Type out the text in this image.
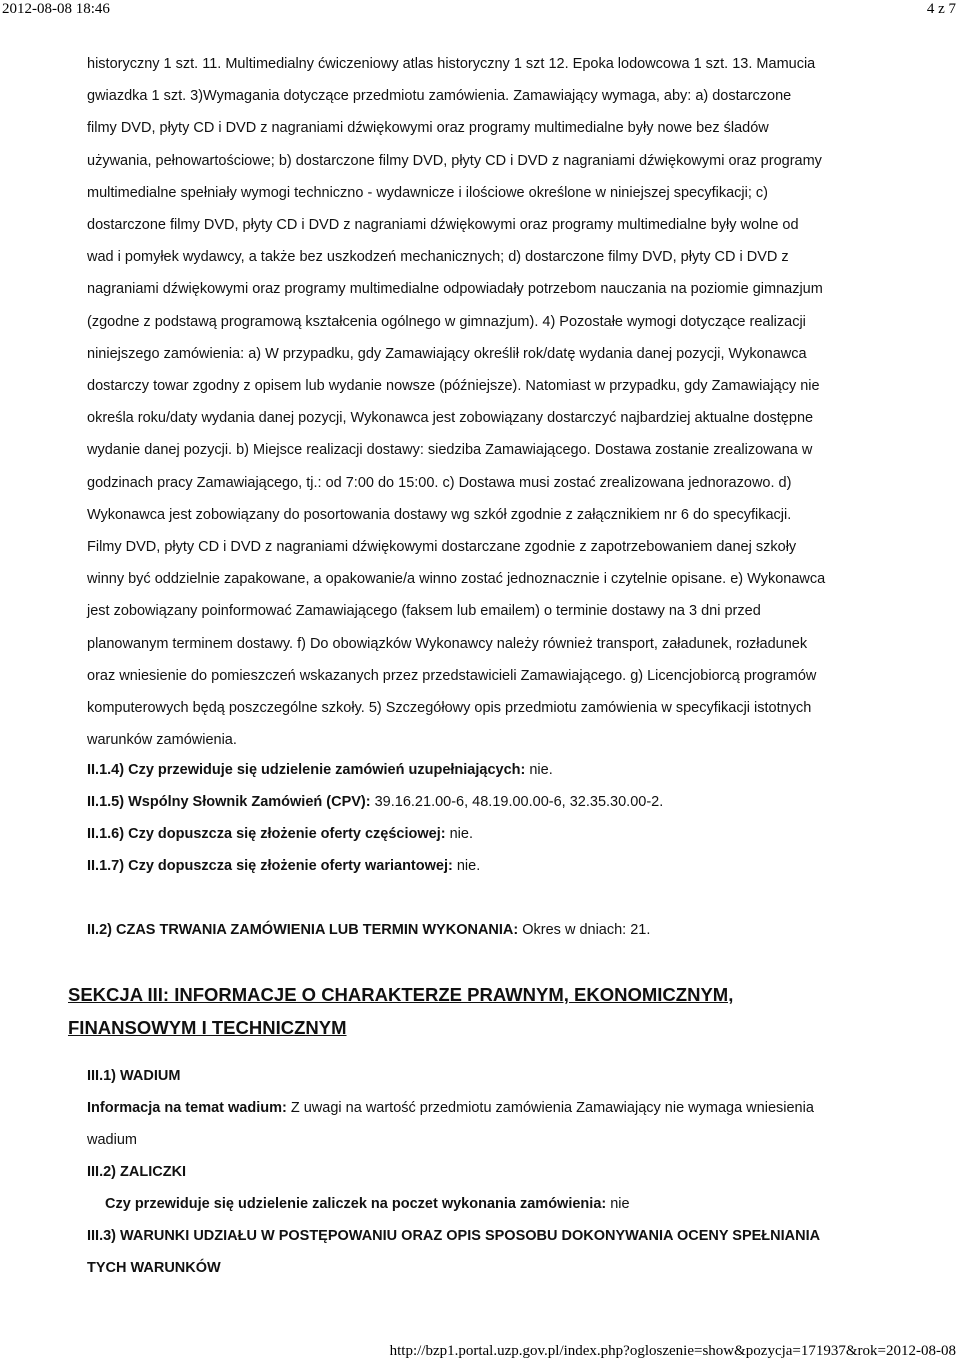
2012-08-08 18:46	4 z 7

historyczny 1 szt. 11. Multimedialny ćwiczeniowy atlas historyczny 1 szt 12. Epoka lodowcowa 1 szt. 13. Mamucia

gwiazdka 1 szt. 3)Wymagania dotyczące przedmiotu zamówienia. Zamawiający wymaga, aby: a) dostarczone

filmy DVD, płyty CD i DVD z nagraniami dźwiękowymi oraz programy multimedialne były nowe bez śladów

używania, pełnowartościowe; b) dostarczone filmy DVD, płyty CD i DVD z nagraniami dźwiękowymi oraz programy

multimedialne spełniały wymogi techniczno - wydawnicze i ilościowe określone w niniejszej specyfikacji; c)

dostarczone filmy DVD, płyty CD i DVD z nagraniami dźwiękowymi oraz programy multimedialne były wolne od

wad i pomyłek wydawcy, a także bez uszkodzeń mechanicznych; d) dostarczone filmy DVD, płyty CD i DVD z

nagraniami dźwiękowymi oraz programy multimedialne odpowiadały potrzebom nauczania na poziomie gimnazjum

(zgodne z podstawą programową kształcenia ogólnego w gimnazjum). 4) Pozostałe wymogi dotyczące realizacji

niniejszego zamówienia: a) W przypadku, gdy Zamawiający określił rok/datę wydania danej pozycji, Wykonawca

dostarczy towar zgodny z opisem lub wydanie nowsze (późniejsze). Natomiast w przypadku, gdy Zamawiający nie

określa roku/daty wydania danej pozycji, Wykonawca jest zobowiązany dostarczyć najbardziej aktualne dostępne

wydanie danej pozycji. b) Miejsce realizacji dostawy: siedziba Zamawiającego. Dostawa zostanie zrealizowana w

godzinach pracy Zamawiającego, tj.: od 7:00 do 15:00. c) Dostawa musi zostać zrealizowana jednorazowo. d)

Wykonawca jest zobowiązany do posortowania dostawy wg szkół zgodnie z załącznikiem nr 6 do specyfikacji.

Filmy DVD, płyty CD i DVD z nagraniami dźwiękowymi dostarczane zgodnie z zapotrzebowaniem danej szkoły

winny być oddzielnie zapakowane, a opakowanie/a winno zostać jednoznacznie i czytelnie opisane. e) Wykonawca

jest zobowiązany poinformować Zamawiającego (faksem lub emailem) o terminie dostawy na 3 dni przed

planowanym terminem dostawy. f) Do obowiązków Wykonawcy należy również transport, załadunek, rozładunek

oraz wniesienie do pomieszczeń wskazanych przez przedstawicieli Zamawiającego. g) Licencjobiorcą programów

komputerowych będą poszczególne szkoły. 5) Szczegółowy opis przedmiotu zamówienia w specyfikacji istotnych

warunków zamówienia.

II.1.4) Czy przewiduje się udzielenie zamówień uzupełniających: nie.

II.1.5) Wspólny Słownik Zamówień (CPV): 39.16.21.00-6, 48.19.00.00-6, 32.35.30.00-2.

II.1.6) Czy dopuszcza się złożenie oferty częściowej: nie.

II.1.7) Czy dopuszcza się złożenie oferty wariantowej: nie.

II.2) CZAS TRWANIA ZAMÓWIENIA LUB TERMIN WYKONANIA: Okres w dniach: 21.
SEKCJA III: INFORMACJE O CHARAKTERZE PRAWNYM, EKONOMICZNYM,
FINANSOWYM I TECHNICZNYM

III.1) WADIUM

Informacja na temat wadium: Z uwagi na wartość przedmiotu zamówienia Zamawiający nie wymaga wniesienia

wadium

III.2) ZALICZKI

Czy przewiduje się udzielenie zaliczek na poczet wykonania zamówienia: nie

III.3) WARUNKI UDZIAŁU W POSTĘPOWANIU ORAZ OPIS SPOSOBU DOKONYWANIA OCENY SPEŁNIANIA

TYCH WARUNKÓW

http://bzp1.portal.uzp.gov.pl/index.php?ogloszenie=show&pozycja=171937&rok=2012-08-08
